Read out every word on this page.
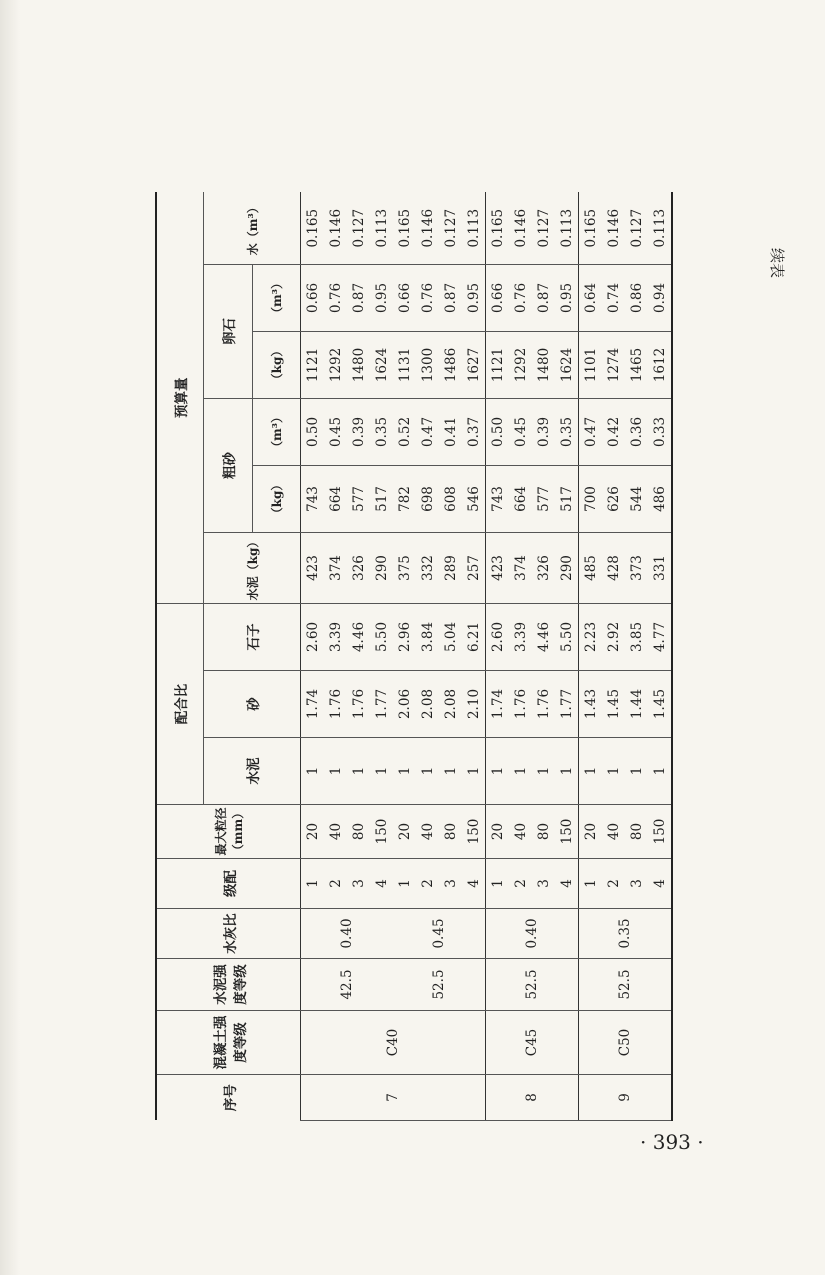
续表
序号	混凝土强度等级	水泥强度等级	水灰比	级配	最大粒径（mm）	配合比			预算量					
						水泥	砂	石子	水泥（kg）	粗砂		卵石		水（m³）
										（kg）	（m³）	（kg）	（m³）	
7	C40	42.5	0.40	1	20	1	1.74	2.60	423	743	0.50	1121	0.66	0.165
				2	40	1	1.76	3.39	374	664	0.45	1292	0.76	0.146
				3	80	1	1.76	4.46	326	577	0.39	1480	0.87	0.127
				4	150	1	1.77	5.50	290	517	0.35	1624	0.95	0.113
		52.5	0.45	1	20	1	2.06	2.96	375	782	0.52	1131	0.66	0.165
				2	40	1	2.08	3.84	332	698	0.47	1300	0.76	0.146
				3	80	1	2.08	5.04	289	608	0.41	1486	0.87	0.127
				4	150	1	2.10	6.21	257	546	0.37	1627	0.95	0.113
8	C45	52.5	0.40	1	20	1	1.74	2.60	423	743	0.50	1121	0.66	0.165
				2	40	1	1.76	3.39	374	664	0.45	1292	0.76	0.146
				3	80	1	1.76	4.46	326	577	0.39	1480	0.87	0.127
				4	150	1	1.77	5.50	290	517	0.35	1624	0.95	0.113
9	C50	52.5	0.35	1	20	1	1.43	2.23	485	700	0.47	1101	0.64	0.165
				2	40	1	1.45	2.92	428	626	0.42	1274	0.74	0.146
				3	80	1	1.44	3.85	373	544	0.36	1465	0.86	0.127
				4	150	1	1.45	4.77	331	486	0.33	1612	0.94	0.113
· 393 ·
